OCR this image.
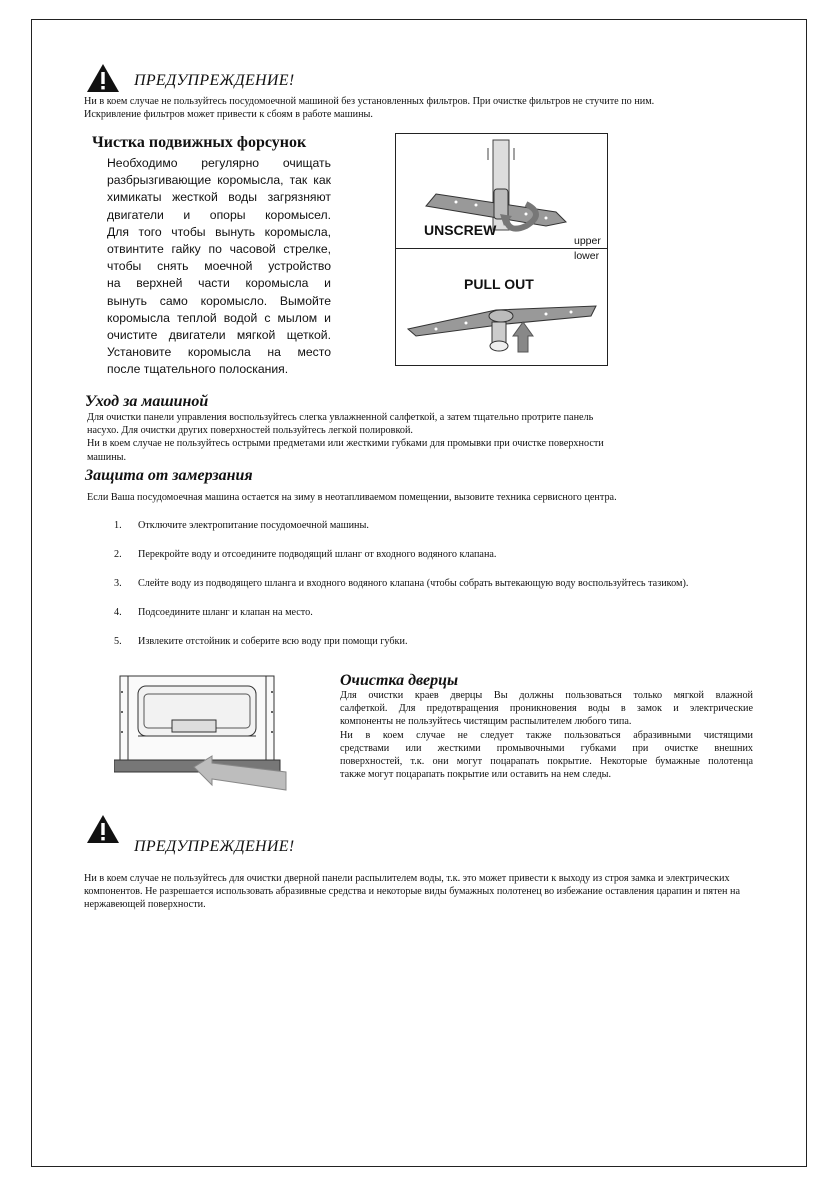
ПРЕДУПРЕЖДЕНИЕ!
Ни в коем случае не пользуйтесь посудомоечной машиной без установленных фильтров. При очистке фильтров не стучите по ним.
Искривление фильтров может привести к сбоям в работе машины.
Чистка подвижных форсунок
Необходимо регулярно очищать
разбрызгивающие коромысла, так как
химикаты жесткой воды загрязняют
двигатели и опоры коромысел.
Для того чтобы вынуть коромысла,
отвинтите гайку по часовой стрелке,
чтобы снять моечной устройство
на верхней части коромысла и
вынуть само коромысло. Вымойте
коромысла теплой водой с мылом и
очистите двигатели мягкой щеткой.
Установите коромысла на место
после тщательного полоскания.
UNSCREW
upper
lower
PULL OUT
Уход за машиной
Для очистки панели управления воспользуйтесь слегка увлажненной салфеткой, а затем тщательно протрите панель
насухо. Для очистки других поверхностей пользуйтесь легкой полировкой.
Ни в коем случае не пользуйтесь острыми предметами или жесткими губками для промывки при очистке поверхности
машины.
Защита от замерзания
Если Ваша посудомоечная машина остается на зиму в неотапливаемом помещении, вызовите техника сервисного центра.
1. Отключите электропитание посудомоечной машины.
2. Перекройте воду и отсоедините подводящий шланг от входного водяного клапана.
3. Слейте воду из подводящего шланга и входного водяного клапана (чтобы собрать вытекающую воду воспользуйтесь тазиком).
4. Подсоедините шланг и клапан на место.
5. Извлеките отстойник и соберите всю воду при помощи губки.
Очистка дверцы
Для очистки краев дверцы Вы должны пользоваться только мягкой влажной
салфеткой. Для предотвращения проникновения воды в замок и электрические
компоненты не пользуйтесь чистящим распылителем любого типа.
Ни в коем случае не следует также пользоваться абразивными чистящими
средствами или жесткими промывочными губками при очистке внешних
поверхностей, т.к. они могут поцарапать покрытие. Некоторые бумажные полотенца
также могут поцарапать покрытие или оставить на нем следы.
ПРЕДУПРЕЖДЕНИЕ!
Ни в коем случае не пользуйтесь для очистки дверной панели распылителем воды, т.к. это может привести к выходу из строя замка и электрических
компонентов. Не разрешается использовать абразивные средства и некоторые виды бумажных полотенец во избежание оставления царапин и пятен на
нержавеющей поверхности.
